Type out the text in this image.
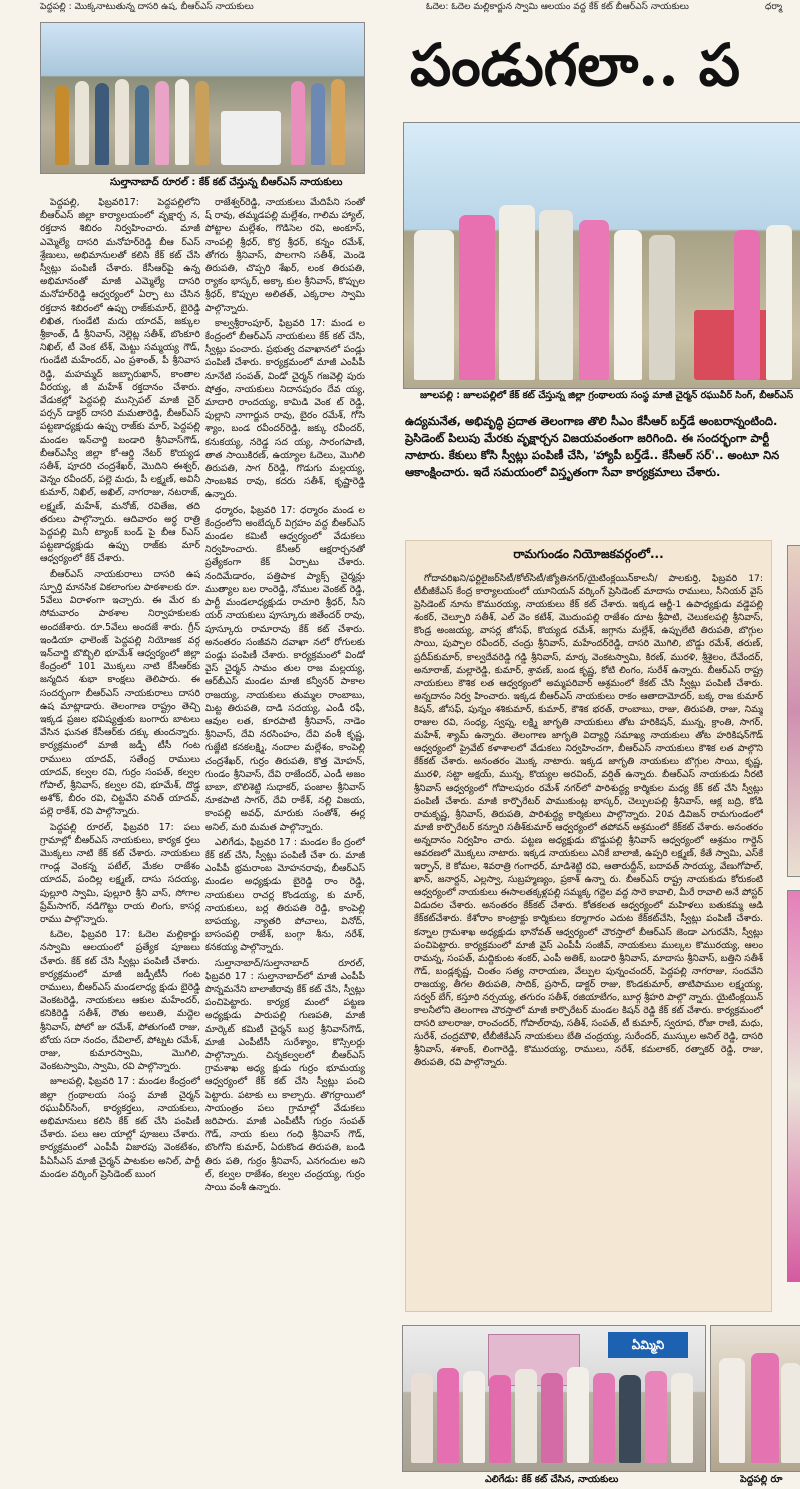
పెద్దపల్లి : మొక్కనాటుతున్న దాసరి ఉష, బీఆర్ఎస్ నాయకులు	ఓదెల: ఓదెల మల్లికార్జున స్వామి ఆలయం వద్ద కేక్ కట్ బీఆర్ఎస్ నాయకులు	ధర్మా
సుల్తానాబాద్ రూరల్ : కేక్ కట్ చేస్తున్న బీఆర్ఎస్ నాయకులు

పెద్దపల్లి, ఫిబ్రవరి17: పెద్దపల్లిలోని బీఆర్ఎస్ జిల్లా కార్యాలయంలో వృక్షార్చ న, రక్తదాన శిబిరం నిర్వహించారు. మాజీ ఎమ్మెల్యే దాసరి మనోహర్‌రెడ్డి బీఆ ర్ఎస్ శ్రేణులు, అభిమానులతో కలిసి కేక్ కట్ చేసి స్వీట్లు పంపిణీ చేశారు. కేసీఆర్‌పై ఉన్న అభిమానంతో మాజీ ఎమ్మెల్యే దాసరి మనోహర్‌రెడ్డి ఆధ్వర్యంలో ఏర్పా టు చేసిన రక్తదాన శిబిరంలో ఉప్పు రాజ్‌కుమార్, బైరెడ్డి లిఖిత, గుండేటి మదు యాదవ్, జక్కుల శ్రీకాంత్, డీ శ్రీనివాస్, నెల్లెట్ల సతీశ్, బొంకూరి నిఖిల్, టీ వెంక టేశ్, మెట్టు సమ్మయ్య గౌడ్, గుండేటి మహేందర్, ఎం ప్రశాంత్, పీ శ్రీనివాస రెడ్డి, మహమ్మద్ జబ్బారుఖాన్, కాంతాల వీరయ్య, జీ మహేశ్ రక్తదానం చేశారు. వేడుకల్లో పెద్దపల్లి మున్సిపల్ మాజీ చైర్ పర్సన్ డాక్టర్ దాసరి మమతారెడ్డి, బీఆర్ఎస్ పట్టణాధ్యక్షుడు ఉప్పు రాజ్‌కు మార్, పెద్దపల్లి మండల ఇన్‌చార్జి బండారి శ్రీనివాస్‌గౌడ్, బీఆర్ఎస్వీ జిల్లా కో-ఆర్డి నేటర్ కొయ్యడ సతీశ్, పూదరి చంద్రశేఖర్, మొదిని ఈశ్వర్, వెన్నం రవీందర్, పల్లె మధు, పీ లక్ష్మణ్, అవినీ కుమార్, నిఖిల్, అఖిల్, నాగరాజు, నటరాజ్, లక్ష్మణ్, మహేశ్, మనోజ్, రవితేజ, తది తరులు పాల్గొన్నారు. ఆదివారం అర్ధ రాత్రి పెద్దపల్లి మినీ ట్యాంక్ బండ్ పై బీఆ ర్ఎస్ పట్టణాధ్యక్షుడు ఉప్పు రాజ్‌కు మార్ ఆధ్వర్యంలో కేక్ చేశారు.

బీఆర్ఎస్ నాయకురాలు దాసరి ఉష స్ఫూర్తి మానసిక వికలాంగుల పాఠశాలకు రూ. 5వేలు విరాళంగా ఇచ్చారు. ఈ మేర కు సోమవారం పాఠశాల నిర్వాహకులకు అందజేశారు. రూ.5వేలు అందజే శారు. గ్రీన్ ఇండియా ఛాలెంజ్ పెద్దపల్లి నియోజక వర్గ ఇన్‌చార్జి బొబ్బిలి భూమేశ్ ఆధ్వర్యంలో జిల్లా కేంద్రంలో 101 మొక్కలు నాటి కేసీఆర్‌కు జన్మదిన శుభా కాంక్షలు తెలిపారు. ఈ సందర్భంగా బీఆర్ఎస్ నాయకురాలు దాసరి ఉష మాట్లాడారు. తెలంగాణ రాష్ట్రం తెచ్చి ఇక్కడ ప్రజల భవిష్యత్తుకు బంగారు బాటలు వేసిన ఘనత కేసీఆర్‌కు దక్కు తుందన్నారు. కార్యక్రమంలో మాజీ జడ్పీ టీసీ గంట రాములు యాదవ్, సతేంద్ర రాములు యాదవ్, కల్వల రవి, గుర్రం సంపత్, కల్వల గోపాల్, శ్రీనివాస్, కల్వల రవి, భూమేశ్, దొడ్డ అశోక్, బీరం రవి, చిట్టవేని వనిత్ యాదవ్, పల్లె రాకేశ్, రవి పాల్గొన్నారు.

పెద్దపల్లి రూరల్, ఫిబ్రవరి 17: పలు గ్రామాల్లో బీఆర్ఎస్ నాయకులు, కార్యక ర్తలు మొక్కలు నాటి కేక్ కట్ చేశారు. నాయకులు గాండ్ల వెంకన్న పటేల్, మేకల రాజేశం యాదవ్, పందిల్ల లక్ష్మణ్, దాసు సదయ్య, పుల్లూరి స్వామి, పుల్లూరి శ్రీని వాస్, సోగాల ప్రేమ్‌సాగర్, నడిగొట్టు రాయ లింగు, కాసర్ల రాము పాల్గొన్నారు.

ఓదెల, ఫిబ్రవరి 17: ఓదెల మల్లికార్జు నస్వామి ఆలయంలో ప్రత్యేక పూజలు చేశారు. కేక్ కట్ చేసి స్వీట్లు పంపిణీ చేశారు. కార్యక్రమంలో మాజీ జడ్పీటీసీ గంట రాములు, బీఆర్ఎస్ మండలాధ్య క్షుడు బైరెడ్డి వెంకటరెడ్డి, నాయకులు ఆకుల మహేందర్, కనికిరెడ్డి సతీశ్, రౌతు అలుతి, మద్దెల శ్రీనివాస్, పోలో జు రమేశ్, పోతుగంటి రాజు, బోయ సదా నందం, దేవిలాల్, పోట్నట రమేశ్, రాజు, కుమారస్వామి, మొగిలి, వెంకటస్వామి, స్వామి, రవి పాల్గొన్నారు.

జూలపల్లి, ఫిబ్రవరి 17 : మండల కేంద్రంలో జిల్లా గ్రంథాలయ సంస్థ మాజీ చైర్మన్ రఘువీర్‌సింగ్, కార్యకర్తలు, నాయకులు, అభిమానులు కలిసి కేక్ కట్ చేసి పంపిణీ చేశారు. పలు ఆల యాల్లో పూజలు చేశారు. కార్యక్రమంలో ఎంపీపీ విజారపు వెంకటేశం, పీఏసీఎస్ మాజీ చైర్మన్ పాటకుల అనిల్, పార్టీ మండల వర్కింగ్ ప్రెసిడెంట్ బుంగ

రాజేశ్వర్‌రెడ్డి, నాయకులు మేదిపేని సంతో ష్ రావు, తమ్మడపల్లి మల్లేశం, గాలిమ హ్యాల్, పోట్టాల మల్లేశం, గొడిసెల రవి, అంకూస్, నాంపల్లి శ్రీధర్, కొర్ర శ్రీధర్, కన్నం రమేశ్, తోగరు శ్రీనివాస్, పొలగాని సతీశ్, మెండె తిరుపతి, చొప్పరి శేఖర్, లంక తిరుపతి, ర్యాకం భాస్కర్, అక్కా కుల శ్రీనివాస్, కొప్పుల శ్రీధర్, కొప్పుల అలితత్, ఎక్కరాల స్వామి పాల్గొన్నారు.

కాల్వశ్రీరాంపూర్, ఫిబ్రవరి 17: మండ ల కేంద్రంలో బీఆర్ఎస్ నాయకులు కేక్ కట్ చేసి, స్వీట్లు పంచారు. ప్రభుత్వ దవాఖానలో పండ్లు పంపిణీ చేశారు. కార్యక్రమంలో మాజీ ఎంపీపీ నూనేటి సంపత్, విండో చైర్మన్ గజవెల్లి పురు షోత్తం, నాయకులు నిదానపురం దేవ య్య, మాదారి రాందయ్య, కామిడి వెంక ట్ రెడ్డి, పుల్లాని నాగార్జున రావు, బైరం రమేశ్, గోసి శ్యాం, బండ రవీందర్‌రెడ్డి, జక్కు రవీందర్, కనుకయ్య, నరెడ్డ సద య్య, సారంగపాణి, తాత సాయికిరణ్, ఉయ్యాల ఓదెలు, మొగిలి తిరుపతి, సాగ ర్‌రెడ్డి, గొడుగు మల్లయ్య, సాంబశివ రావు, కదరు సతీశ్, కృష్ణారెడ్డి ఉన్నారు.

ధర్మారం, ఫిబ్రవరి 17: ధర్మారం మండ ల కేంద్రంలోని అంబేద్కర్ విగ్రహం వద్ద బీఆర్ఎస్ మండల కమిటీ ఆధ్వర్యంలో వేడుకలు నిర్వహించారు. కేసీఆర్ ఆక్షరార్చనతో ప్రత్యేకంగా కేక్ ఏర్పాటు చేశారు. నందిమేడారం, పత్తిపాక ప్యాక్స్ చైర్మన్లు ముత్యాల బల రాంరెడ్డి, నోముల వెంకట్ రెడ్డి, పార్టీ మండలాధ్యక్షుడు రాచూరి శ్రీధర్, సీని యర్ నాయకులు పూస్కూరు జితేందర్ రావు, పూస్కూరు రామారావు కేక్ కట్ చేశారు. అనంతరం సంజీవని దవాఖా నలో రోగులకు పండ్లు పంపిణీ చేశారు. కార్యక్రమంలో విండో వైస్ చైర్మన్ సామం తుల రాజ మల్లయ్య, ఆర్‌బీఎస్ మండల మాజీ కన్వీనర్ పాకాల రాజయ్య, నాయకులు తుమ్మల రాంబాబు, మిట్ట తిరుపతి, దాడి సదయ్య, ఎండీ రఫీ, ఆవుల లత, కూరపాటి శ్రీనివాస్, నాడెం శ్రీనివాస్, దేవి నరసింహం, దేవి వంశీ కృష్ణ, గుజ్జేటి కనకలక్ష్మి, నందాల మల్లేశం, కాంపెల్లి చంద్రశేఖర్, గుర్రం తిరుపతి, కొత్త మోహన్, గుండం శ్రీనివాస్, దేవి రాజేందర్, ఎండీ అజం బాబా, బొలిశెట్టి సుధాకర్, పంజాల శ్రీనివాస్ నూకపాటి సాగర్, దేవి రాకేశ్, నల్లి విజయ, కాంపల్లి అవధ్, మారుకు సంతోశ్, ఈర్ల అనిల్, మరి మమత పాల్గొన్నారు.

ఎలిగేడు, ఫిబ్రవరి 17 : మండల కేం ద్రంలో కేక్ కట్ చేసి, స్వీట్లు పంపిణీ చేశా రు. మాజీ ఎంపీపీ భ్రమరాంబ మోహనరావు, బీఆర్ఎస్ మండల అధ్యక్షుడు బైరెడ్డి రాం రెడ్డి, నాయకులు రాచర్ల కొండయ్య, కు మార్, నాయకులు, బర్ల తిరుపతి రెడ్డి, కాంపెల్లి బాపయ్య, న్యాతరి పోచాలు, వినోద్, బాసంపల్లి రాజేశ్, బంగ్గా శీను, నరేశ్, కనకయ్య పాల్గొన్నారు.

సుల్తానాబాద్/సుల్తానాబాద్ రూరల్, ఫిబ్రవరి 17 : సుల్తానాబాద్‌లో మాజీ ఎంపీపీ పొన్నమనేని బాలాజీరావు కేక్ కట్ చేసి, స్వీట్లు పంచిపెట్టారు. కార్యక్ర మంలో పట్టణ అధ్యక్షుడు పారుపల్లి గుణపతి, మాజీ మార్కెట్ కమిటీ చైర్మన్ బుర్ర శ్రీనివాస్‌గౌడ్, మాజీ ఎంపీటీసీ సురేశ్యాం, కొస్సిలర్లు పాల్గొన్నారు. చిన్నకల్వలలో బీఆర్ఎస్ గ్రామశాఖ అధ్య క్షుడు గుర్రం భూమయ్య ఆధ్వర్యంలో కేక్ కట్ చేసి స్వీట్లు పంచి పెట్టారు. పటాకు లు కాల్చారు. తొగర్రాయిలో సాయంత్రం పలు గ్రామాల్లో వేడుకలు జరిపారు. మాజీ ఎంపీటీసీ గుర్రం సంపత్ గౌడ్, నాయ కులు గంధి శ్రీనివాస్ గౌడ్, బొంగోని కుమార్, ఏరుకొండ తిరుపతి, బండి తిరు పతి, గుర్రం శ్రీనివాస్, ఎనగందుల అని ల్, కల్వల రాజేశం, కల్వల చంద్రయ్య, గుర్రం సాయి వంశీ ఉన్నారు.

పండుగలా.. ప
జూలపల్లి : జూలపల్లిలో కేక్ కట్ చేస్తున్న జిల్లా గ్రంథాలయ సంస్థ మాజీ చైర్మన్ రఘువీర్ సింగ్, బీఆర్ఎస్
ఉద్యమనేత, అభివృద్ధి ప్రదాత తెలంగాణ తొలి సీఎం కేసీఆర్ బర్త్‌డే అంబరాన్నంటింది.
ప్రెసిడెంట్ పిలుపు మేరకు వృక్షార్చన విజయవంతంగా జరిగింది. ఈ సందర్భంగా పార్టీ
నాటారు. కేకులు కోసి స్వీట్లు పంపిణీ చేసి, 'హ్యాపీ బర్త్‌డే.. కేసీఆర్ సర్'.. అంటూ నిన
ఆకాంక్షించారు. ఇదే సమయంలో విస్తృతంగా సేవా కార్యక్రమాలు చేశారు.
రామగుండం నియోజకవర్గంలో...

గోదావరిఖని/ఫర్టిలైజర్‌సిటీ/కోల్‌సిటీ/జ్యోతినగర్/యైటింక్లయిన్‌కాలనీ/ పాలకుర్తి, ఫిబ్రవరి 17: టీబీజీకేఎస్ కేంద్ర కార్యాలయంలో యూనియన్ వర్కింగ్ ప్రెసిడెంట్ మాదాసు రాములు, సీనియర్ వైస్ ప్రెసిడెంట్ నూను కొమురయ్య, నాయకులు కేక్ కట్ చేశారు. ఇక్కడ ఆర్జీ-1 ఉపాధ్యక్షుడు వడ్డెపల్లి శంకర్, చెల్పూరి సతీశ్, ఎల్ వెం కటేశ్, మొదుంపల్లి రాజేశం దూట శ్రీపాటి, చెలుకలపల్లి శ్రీనివాస్, కొండ్ర అంజయ్య, వాసర్ల జోసఫ్, కొయ్యడ రమేశ్, జగ్గాను మల్లేశ్, ఉప్పులేటి తిరుపతి, బొగ్గుల సాయి, పుప్పాల రవీందర్, చంద్రు శ్రీనివాస్, మహేందర్‌రెడ్డి, దాసరి మొగిలి, బొడ్డు రమేశ్, తరుణ్, ప్రదీప్‌కుమార్, కాల్వదేవరెడ్డి గడ్డి శ్రీనివాస్, మార్క వెంకటస్వామి, కిరణ్, మురళి, శ్రీశైలం, దేవేందర్, అనూరాజ్, మల్లారెడ్డి, కుమార్, శ్రావణ్, బండ కృష్ణ, కోటి లింగం, సురేశ్ ఉన్నారు. బీఆర్ఎస్ రాష్ట్ర నాయకులు కౌశిక లత ఆధ్వర్యంలో అమ్మపరివార్ ఆశ్రమంలో కేకట్ చేసి స్వీట్లు పంపిణీ చేశారు. అన్నదానం నిర్వ హించారు. ఇక్కడ బీఆర్ఎస్ నాయకులు రాకం ఆతాదామోదర్, బక్క రాజ కుమార్ కిషన్, జోసఫ్, పున్నం శశికుమార్, కుమార్, కౌశిక భరత్, రాంబాబు, రాజు, తిరుపతి, రాజు, నిమ్మ రాజుల రవి, సంధ్య, స్వప్న, లక్ష్మి జాగృతి నాయకులు తోట హరికిషన్, మున్న, క్రాంతి, సాగర్, మహేశ్, శ్యామ్ ఉన్నారు. తెలంగాణ జాగృతి విద్యార్థి సమాఖ్య నాయకులు తోట హరికిషన్‌గౌడ్ ఆధ్వర్యంలో ప్రైవేట్ కళాశాలలో వేడుకలు నిర్వహించగా, బీఆర్ఎస్ నాయకులు కౌశిక లత పాల్గొని కేక్‌కట్ చేశారు. అనంతరం మొక్క నాటారు. ఇక్కడ జాగృతి నాయకులు బొగ్గుల సాయి, కృష్ణ, మురళి, సట్టా అక్షయ్, మున్న, కొయ్యల అరవింద్, వర్షిత్ ఉన్నారు. బీఆర్ఎస్ నాయకుడు నీరటి శ్రీనివాస్ ఆధ్వర్యంలో గోపాలపురం రమేశ్ నగర్‌లో పారిశుద్ధ్య కార్మికుల మధ్య కేక్ కట్ చేసి స్వీట్లు పంపిణీ చేశారు. మాజీ కార్పొరేటర్ పాముకుంట్ల భాస్కర్, చెల్పులపల్లి శ్రీనివాస్, ఆక్ల బద్రి, కోడి రామకృష్ణ, శ్రీనివాస్, తిరుపతి, పారిశుద్ధ్య కార్మికులు పాల్గొన్నారు. 20వ డివిజన్ రామగుండంలో మాజీ కార్పొరేటర్ కన్నూరి సతీశ్‌కుమార్ ఆధ్వర్యంలో తపోవన్ ఆశ్రమంలో కేక్‌కట్ చేశారు. అనంతరం అన్నదానం నిర్వహిం చారు. పట్టణ అధ్యక్షుడు బొడ్డుపల్లి శ్రీనివాస్ ఆధ్వర్యంలో ఆశ్రమం గార్డెన్ ఆవరణలో మొక్కలు నాటారు. ఇక్కడ నాయకులు ఎనికే బాలాజీ, ఉప్పరి లక్ష్మణ్, కేతే స్వామి, ఎస్‌కే ఇర్ఫాన్, కె కోమల, శివరాత్రి గంగాధర్, మాడిశెట్టి రవి, ఆతారుద్దీన్, బదావత్ సారయ్య, వేణుగోపాల్, ఖాన్, జనార్దన్, ఎల్లస్వా, సుబ్రహ్మణ్యం, ప్రకాశ్ ఉన్నా రు. బీఆర్ఎస్ రాష్ట్ర నాయకుడు కోరుకంటి ఆధ్వర్యంలో నాయకులు ఈసాలతక్కళ్లపల్లి సమ్మక్క గద్దెల వద్ద సారె కావాలి, మీరే రావాలి అనే పోస్టర్ విడుదల చేశారు. అనంతరం కేక్‌కట్ చేశారు. కోతకలత ఆధ్వర్యంలో మహిళలు బతుకమ్మ ఆడి కేక్‌కట్‌చేశారు. కేశోరాం కాంట్రాక్టు కార్మికులు కర్మాగారం ఎదుట కేక్‌కట్‌చేసి, స్వీట్లు పంపిణీ చేశారు. కన్నాల గ్రామశాఖ అధ్యక్షుడు భానోవత్ ఆధ్వర్యంలో చౌరస్తాలో బీఆర్ఎస్ జెండా ఎగురవేసి, స్వీట్లు పంచిపెట్టారు. కార్యక్రమంలో మాజీ వైస్ ఎంపీపీ సంజీవ్, నాయకులు ముల్కల కొమురయ్య, ఆలం రామన్న, సంపత్, మద్దికుంట శంకర్, ఎంపీ అతిక్, బండారి శ్రీనివాస్, మాదాసు శ్రీనివాస్, బత్తిని సతీశ్ గౌడ్, బండ్లకృష్ణ, చింతం సత్య నారాయణ, వేల్పుల పున్నంచందర్, పెద్దపల్లి నాగరాజు, సందవేని రాజయ్య, తీగల తిరుపతి, సాదిక్, ప్రసాద్, డాక్టర్ రాజు, కొండకుమార్, తాటిపాముల లక్ష్మయ్య, సర్వర్ బేగ్, కస్తూరి నర్సయ్య, తగురం సతీశ్, రజియాబేగం, బూర్గ శ్రీహరి పాల్గొ న్నారు. యైటింక్లయిన్ కాలనీలోని తెలంగాణ చౌరస్తాలో మాజీ కార్పొరేటర్ మండల కిషన్ రెడ్డి కేక్ కట్ చేశారు. కార్యక్రమంలో దాసరి బాలరాజు, రాంచందర్, గోపాల్‌రావు, సతీశ్, సంపత్, టీ కుమార్, స్వరూప, రోజా రాణి, మధు, సురేశ్, చంద్రమౌళి, టీబీజీకేఎస్ నాయకులు బేతి చంద్రయ్య, సురేందర్, ముస్కుల అనిల్ రెడ్డి, దాసరి శ్రీనివాస్, శశాంక్, లింగారెడ్డి, కొమురయ్య, రాములు, నరేశ్, కమలాకర్, రత్నాకర్ రెడ్డి, రాజు, తిరుపతి, రవి పాల్గొన్నారు.

ఏమ్మిని
ఎలిగేడు: కేక్ కట్ చేసిన, నాయకులు	పెద్దపల్లి రూ
